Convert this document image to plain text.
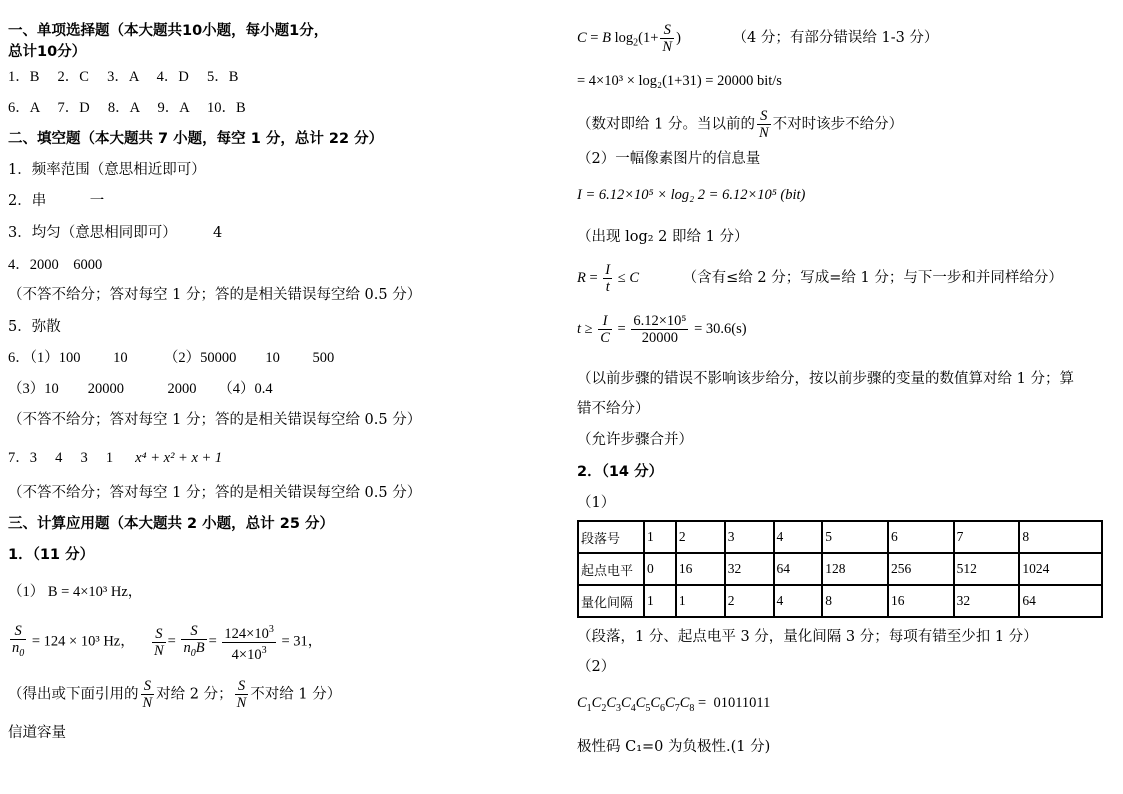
一、单项选择题（本大题共10小题，每小题1分，
总计10分）
1．B　 2．C　 3．A　 4．D　 5．B
6．A　 7．D　 8．A　 9．A　 10．B
二、填空题（本大题共 7 小题，每空 1 分，总计 22 分）
1．频率范围（意思相近即可）
2．串　　　一
3．均匀（意思相同即可）　　　4
4．2000　6000
（不答不给分；答对每空 1 分；答的是相关错误每空给 0.5 分）
5．弥散
6．（1）100　　 10　　　（2）50000　　10　　 500
（3）10　　20000　　　2000　　（4）0.4
（不答不给分；答对每空 1 分；答的是相关错误每空给 0.5 分）
7．3　 4　 3　 1 x⁴ + x² + x + 1
（不答不给分；答对每空 1 分；答的是相关错误每空给 0.5 分）
三、计算应用题（本大题共 2 小题，总计 25 分）
1．（11 分）
（1） B = 4×10³ Hz，
$\frac{S}{n_0} = 124 \times 10^3$ Hz， $\frac{S}{N} = \frac{S}{n_0B} = \frac{124\times 10^3}{4\times 10^3} = 31$，
（得出或下面引用的 $\frac{S}{N}$ 对给 2 分； $\frac{S}{N}$ 不对给 1 分）
信道容量
C = B $\log_2(1+ \frac{S}{N}$ )	（4 分；有部分错误给 1-3 分）
= 4×10³ × log₂(1+31) = 20000 bit/s
（数对即给 1 分。当以前的 $\frac{S}{N}$ 不对时该步不给分）
（2）一幅像素图片的信息量
I = 6.12×10⁵ × log₂ 2 = 6.12×10⁵ (bit)
（出现 log₂ 2 即给 1 分）
$R = \frac{I}{t} \le C$	（含有≤给 2 分；写成=给 1 分；与下一步和并同样给分）
$t \ge \frac{I}{C} = \frac{\text{6.12×10⁵}}{20000} = 30.6(s)$
（以前步骤的错误不影响该步给分，按以前步骤的变量的数值算对给 1 分；算
错不给分）
（允许步骤合并）
2．（14 分）
（1）
段落号	1	2	3	4	5	6	7	8
起点电平	0	16	32	64	128	256	512	1024
量化间隔	1	1	2	4	8	16	32	64
（段落，1 分、起点电平 3 分，量化间隔 3 分；每项有错至少扣 1 分）
（2）
$C_1C_2C_3C_4C_5C_6C_7C_8 = 01011011$
极性码 C₁=0 为负极性.(1 分)
